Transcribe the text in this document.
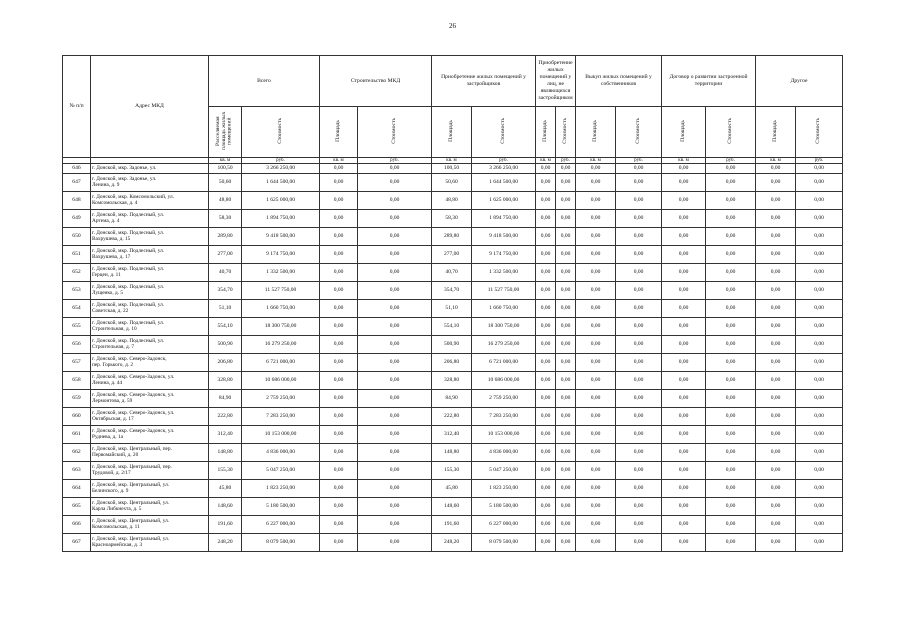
26
№ п/п	Адрес МКД	Всего		Строительство МКД		Приобретение жилых помещений у застройщиков		Приобретение жилых помещений у лиц, не являющихся застройщиком		Выкуп жилых помещений у собственников		Договор о развитии застроенной территории		Другое	
		Расселяемая площадь жилых помещений	Стоимость	Площадь	Стоимость	Площадь	Стоимость	Площадь	Стоимость	Площадь	Стоимость	Площадь	Стоимость	Площадь	Стоимость
		кв. м	руб.	кв. м	руб.	кв. м	руб.	кв. м	руб.	кв. м	руб.	кв. м	руб.	кв. м	руб.
646	г. Донской, мкр. Задонье, ул.	100,50	3 266 250,00	0,00	0,00	100,50	3 266 250,00	0,00	0,00	0,00	0,00	0,00	0,00	0,00	0,00
647	г. Донской, мкр. Задонье, ул.
Ленина, д. 9	50,60	1 644 500,00	0,00	0,00	50,60	1 644 500,00	0,00	0,00	0,00	0,00	0,00	0,00	0,00	0,00
648	г. Донской, мкр. Комсомольский, ул.
Комсомольская, д. 4	48,80	1 625 000,00	0,00	0,00	48,80	1 625 000,00	0,00	0,00	0,00	0,00	0,00	0,00	0,00	0,00
649	г. Донской, мкр. Подлесный, ул.
Артема, д. 4	58,30	1 894 750,00	0,00	0,00	58,30	1 894 750,00	0,00	0,00	0,00	0,00	0,00	0,00	0,00	0,00
650	г. Донской, мкр. Подлесный, ул.
Вахрушева, д. 15	289,80	9 418 500,00	0,00	0,00	289,80	9 418 500,00	0,00	0,00	0,00	0,00	0,00	0,00	0,00	0,00
651	г. Донской, мкр. Подлесный, ул.
Вахрушева, д. 17	277,00	9 174 750,00	0,00	0,00	277,00	9 174 750,00	0,00	0,00	0,00	0,00	0,00	0,00	0,00	0,00
652	г. Донской, мкр. Подлесный, ул.
Герцен, д. 11	40,70	1 332 500,00	0,00	0,00	40,70	1 332 500,00	0,00	0,00	0,00	0,00	0,00	0,00	0,00	0,00
653	г. Донской, мкр. Подлесный, ул.
Лущенко, д. 5	354,70	11 527 750,00	0,00	0,00	354,70	11 527 750,00	0,00	0,00	0,00	0,00	0,00	0,00	0,00	0,00
654	г. Донской, мкр. Подлесный, ул.
Советская, д. 22	51,10	1 660 750,00	0,00	0,00	51,10	1 660 750,00	0,00	0,00	0,00	0,00	0,00	0,00	0,00	0,00
655	г. Донской, мкр. Подлесный, ул.
Строительная, д. 10	554,10	18 300 750,00	0,00	0,00	554,10	18 300 750,00	0,00	0,00	0,00	0,00	0,00	0,00	0,00	0,00
656	г. Донской, мкр. Подлесный, ул.
Строительная, д. 7	500,90	16 279 250,00	0,00	0,00	500,90	16 279 250,00	0,00	0,00	0,00	0,00	0,00	0,00	0,00	0,00
657	г. Донской, мкр. Северо-Задонск,
пер. Горького, д. 2	206,80	6 721 000,00	0,00	0,00	206,80	6 721 000,00	0,00	0,00	0,00	0,00	0,00	0,00	0,00	0,00
658	г. Донской, мкр. Северо-Задонск, ул.
Ленина, д. 44	328,80	10 686 000,00	0,00	0,00	328,80	10 686 000,00	0,00	0,00	0,00	0,00	0,00	0,00	0,00	0,00
659	г. Донской, мкр. Северо-Задонск, ул.
Лермонтова, д. 59	84,90	2 759 250,00	0,00	0,00	84,90	2 759 250,00	0,00	0,00	0,00	0,00	0,00	0,00	0,00	0,00
660	г. Донской, мкр. Северо-Задонск, ул.
Октябрьская, д. 17	222,80	7 283 250,00	0,00	0,00	222,80	7 283 250,00	0,00	0,00	0,00	0,00	0,00	0,00	0,00	0,00
661	г. Донской, мкр. Северо-Задонск, ул.
Руднева, д. 1а	312,40	10 153 000,00	0,00	0,00	312,40	10 153 000,00	0,00	0,00	0,00	0,00	0,00	0,00	0,00	0,00
662	г. Донской, мкр. Центральный, пер.
Первомайский, д. 20	148,80	4 836 000,00	0,00	0,00	148,80	4 836 000,00	0,00	0,00	0,00	0,00	0,00	0,00	0,00	0,00
663	г. Донской, мкр. Центральный, пер.
Трудовой, д. 2/17	155,30	5 047 250,00	0,00	0,00	155,30	5 047 250,00	0,00	0,00	0,00	0,00	0,00	0,00	0,00	0,00
664	г. Донской, мкр. Центральный, ул.
Белинского, д. 9	45,80	1 823 250,00	0,00	0,00	45,80	1 823 250,00	0,00	0,00	0,00	0,00	0,00	0,00	0,00	0,00
665	г. Донской, мкр. Центральный, ул.
Карла Либкнехта, д. 5	148,60	5 180 500,00	0,00	0,00	148,60	5 180 500,00	0,00	0,00	0,00	0,00	0,00	0,00	0,00	0,00
666	г. Донской, мкр. Центральный, ул.
Комсомольская, д. 11	191,60	6 227 000,00	0,00	0,00	191,60	6 227 000,00	0,00	0,00	0,00	0,00	0,00	0,00	0,00	0,00
667	г. Донской, мкр. Центральный, ул.
Красноармейская, д. 3	248,20	8 079 500,00	0,00	0,00	248,20	8 079 500,00	0,00	0,00	0,00	0,00	0,00	0,00	0,00	0,00
